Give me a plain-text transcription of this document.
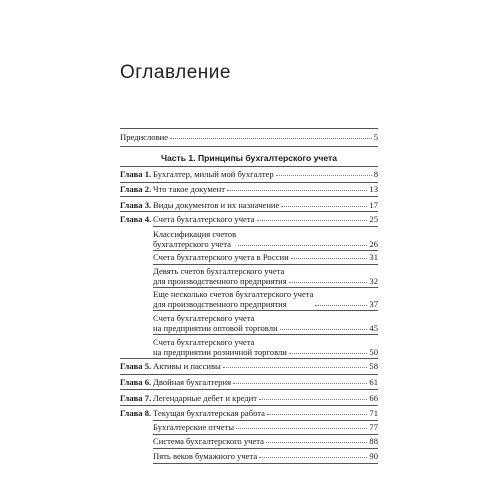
Оглавление
Предисловие	5
Часть 1. Принципы бухгалтерского учета
Глава 1. Бухгалтер, милый мой бухгалтер	8
Глава 2. Что такое документ	13
Глава 3. Виды документов и их назначение	17
Глава 4. Счета бухгалтерского учета	25
Классификация счетов
бухгалтерского учета	26
Счета бухгалтерского учета в России	31
Девять счетов бухгалтерского учета
для производственного предприятия	32
Еще несколько счетов бухгалтерского учета
для производственного предприятия	37
Счета бухгалтерского учета
на предприятии оптовой торговли	45
Счета бухгалтерского учета
на предприятии розничной торговли	50
Глава 5. Активы и пассивы	58
Глава 6. Двойная бухгалтерия	61
Глава 7. Легендарные дебет и кредит	66
Глава 8. Текущая бухгалтерская работа	71
Бухгалтерские отчеты	77
Система бухгалтерского учета	88
Пять веков бумажного учета	90
